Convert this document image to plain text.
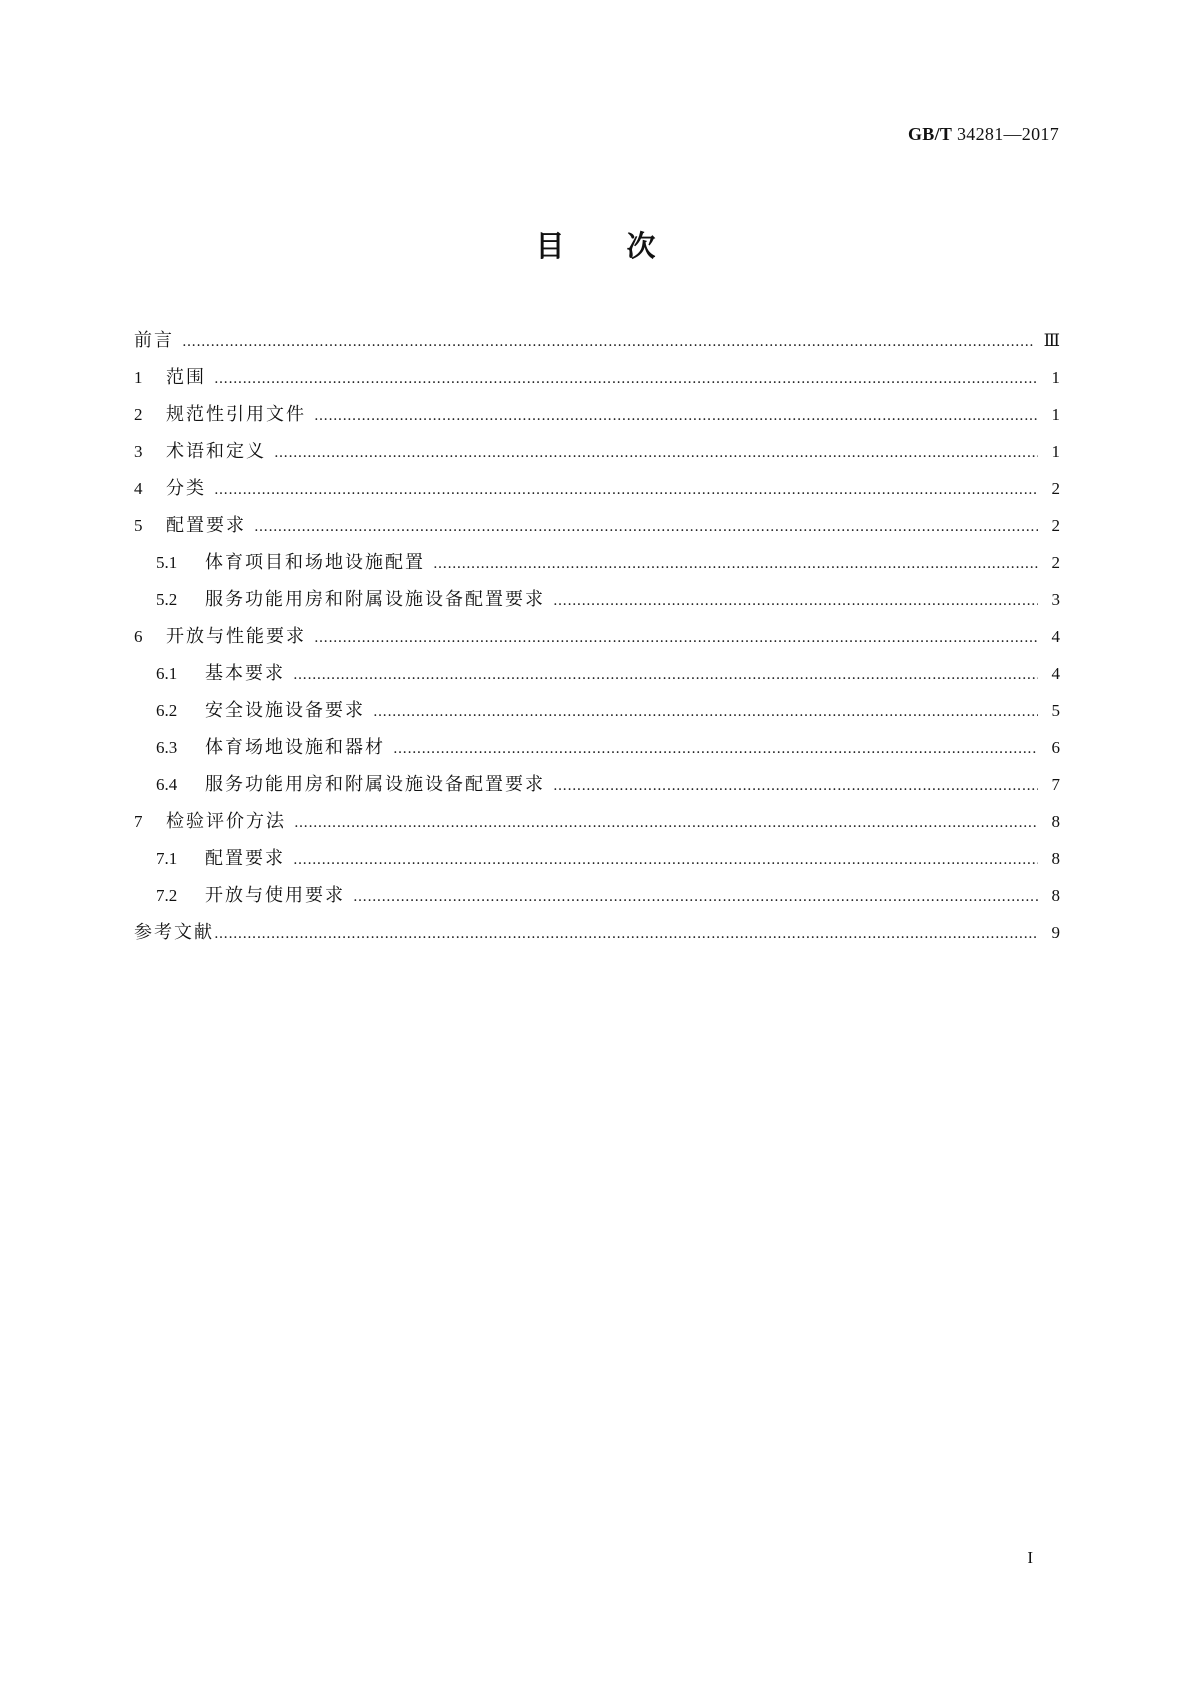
GB/T 34281—2017
目次
前言 ……………………………………………………………………………………………………………………………………………………………………………………	Ⅲ
1	范围 ……………………………………………………………………………………………………………………………………………………………………………………	1
2	规范性引用文件 ……………………………………………………………………………………………………………………………………………………………………………………	1
3	术语和定义 ……………………………………………………………………………………………………………………………………………………………………………………	1
4	分类 ……………………………………………………………………………………………………………………………………………………………………………………	2
5	配置要求 ……………………………………………………………………………………………………………………………………………………………………………………	2
5.1	体育项目和场地设施配置 ……………………………………………………………………………………………………………………………………………………………………………………	2
5.2	服务功能用房和附属设施设备配置要求 ……………………………………………………………………………………………………………………………………………………………………………………	3
6	开放与性能要求 ……………………………………………………………………………………………………………………………………………………………………………………	4
6.1	基本要求 ……………………………………………………………………………………………………………………………………………………………………………………	4
6.2	安全设施设备要求 ……………………………………………………………………………………………………………………………………………………………………………………	5
6.3	体育场地设施和器材 ……………………………………………………………………………………………………………………………………………………………………………………	6
6.4	服务功能用房和附属设施设备配置要求 ……………………………………………………………………………………………………………………………………………………………………………………	7
7	检验评价方法 ……………………………………………………………………………………………………………………………………………………………………………………	8
7.1	配置要求 ……………………………………………………………………………………………………………………………………………………………………………………	8
7.2	开放与使用要求 ……………………………………………………………………………………………………………………………………………………………………………………	8
参考文献 ……………………………………………………………………………………………………………………………………………………………………………………	9
I
